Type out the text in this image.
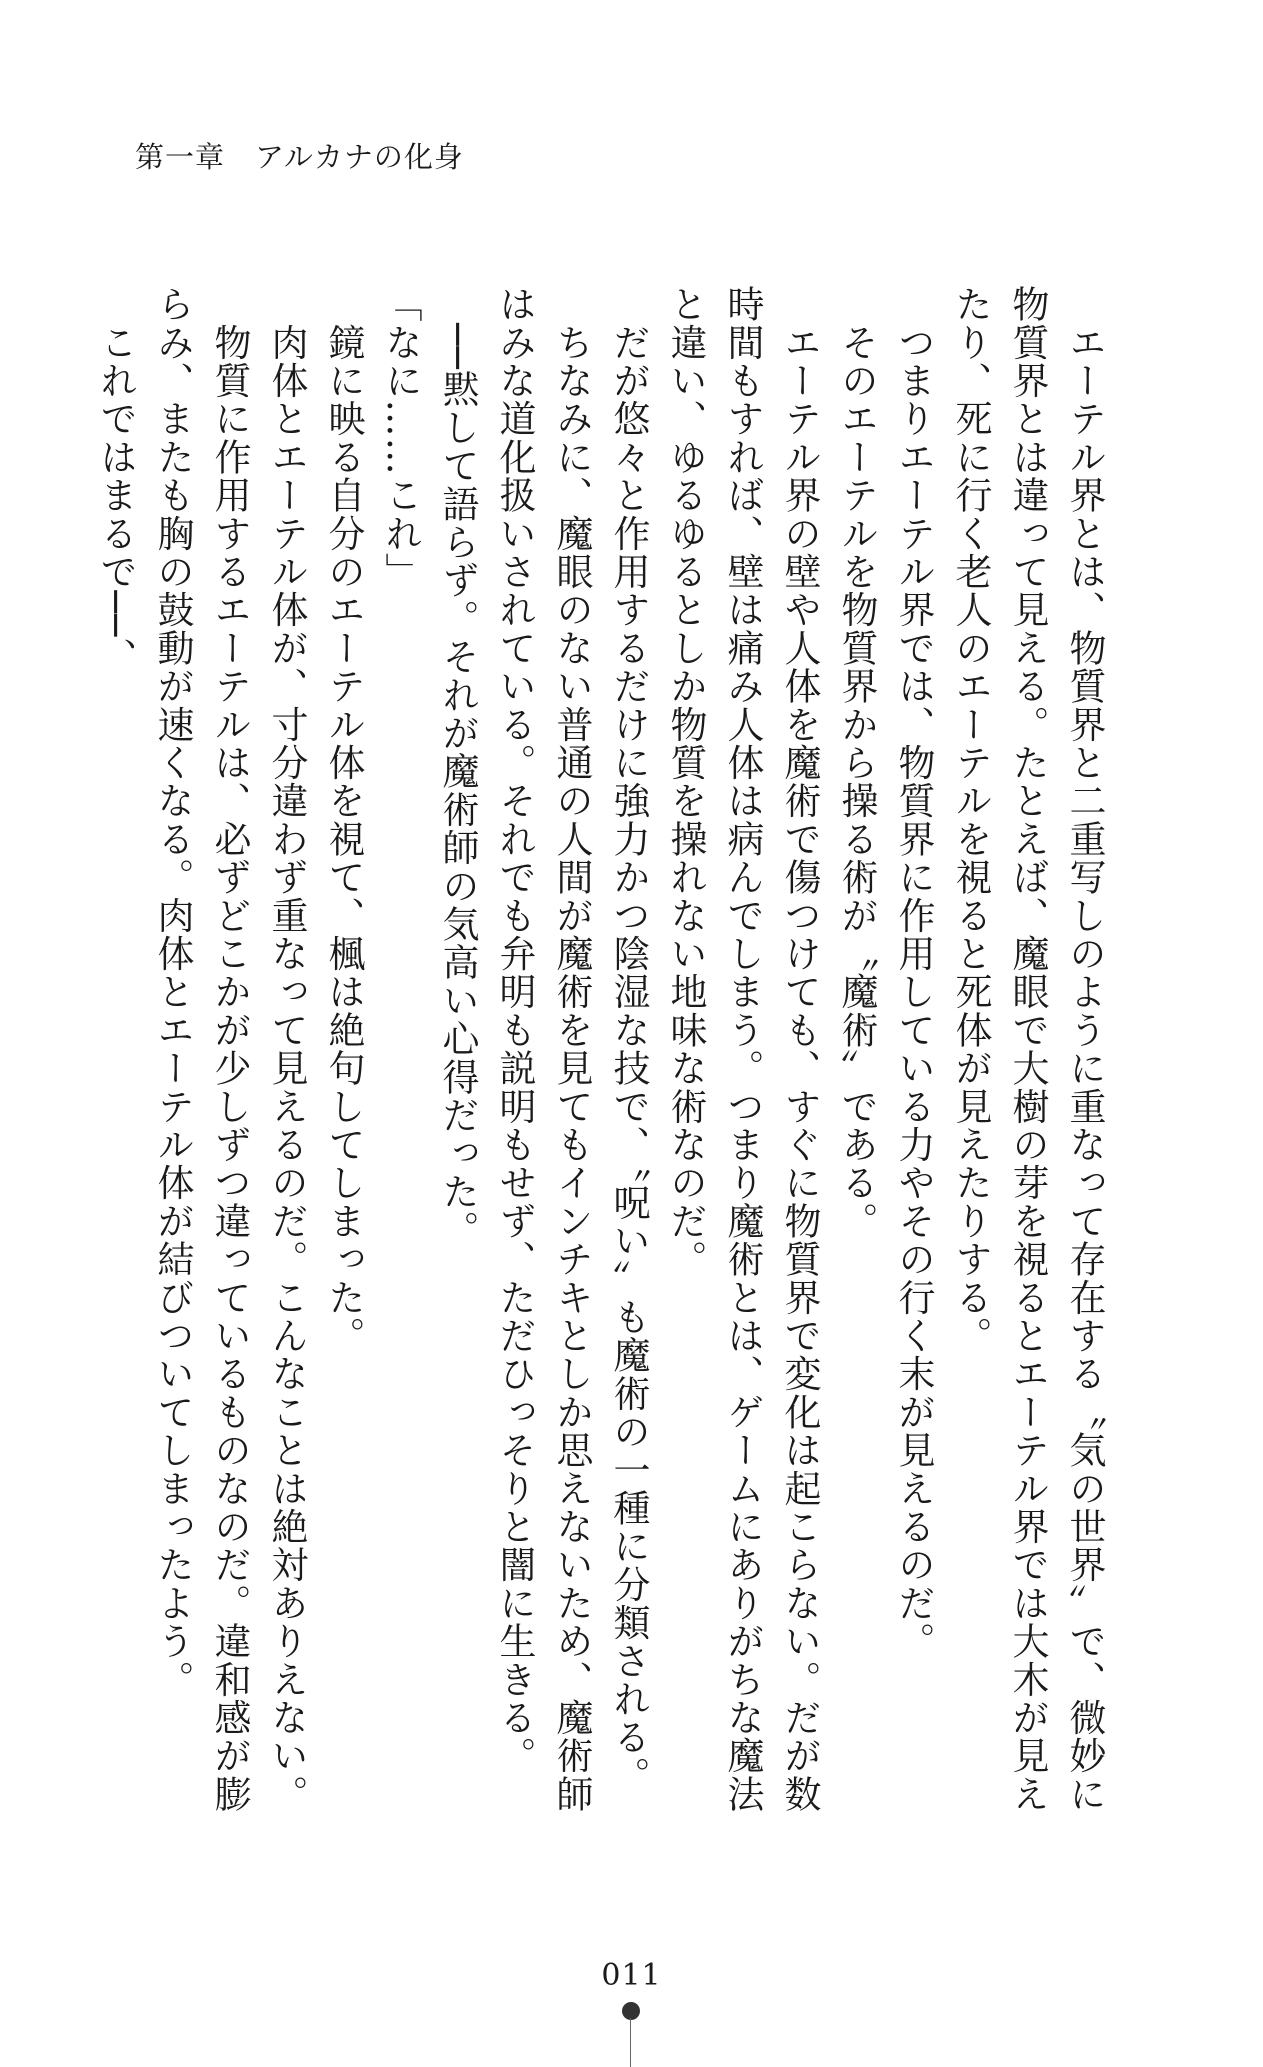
第一章　アルカナの化身

　エーテル界とは、物質界と二重写しのように重なって存在する〝気の世界〟で、微妙に

物質界とは違って見える。たとえば、魔眼で大樹の芽を視るとエーテル界では大木が見え

たり、死に行く老人のエーテルを視ると死体が見えたりする。

　つまりエーテル界では、物質界に作用している力やその行く末が見えるのだ。

　そのエーテルを物質界から操る術が〝魔術〟である。

　エーテル界の壁や人体を魔術で傷つけても、すぐに物質界で変化は起こらない。だが数

時間もすれば、壁は痛み人体は病んでしまう。つまり魔術とは、ゲームにありがちな魔法

と違い、ゆるゆるとしか物質を操れない地味な術なのだ。

　だが悠々と作用するだけに強力かつ陰湿な技で、〝呪い〟も魔術の一種に分類される。

　ちなみに、魔眼のない普通の人間が魔術を見てもインチキとしか思えないため、魔術師

はみな道化扱いされている。それでも弁明も説明もせず、ただひっそりと闇に生きる。

　──黙して語らず。それが魔術師の気高い心得だった。

「なに……これ」

　鏡に映る自分のエーテル体を視て、楓は絶句してしまった。

　肉体とエーテル体が、寸分違わず重なって見えるのだ。こんなことは絶対ありえない。

　物質に作用するエーテルは、必ずどこかが少しずつ違っているものなのだ。違和感が膨

らみ、またも胸の鼓動が速くなる。肉体とエーテル体が結びついてしまったよう。

　これではまるで──、

011
